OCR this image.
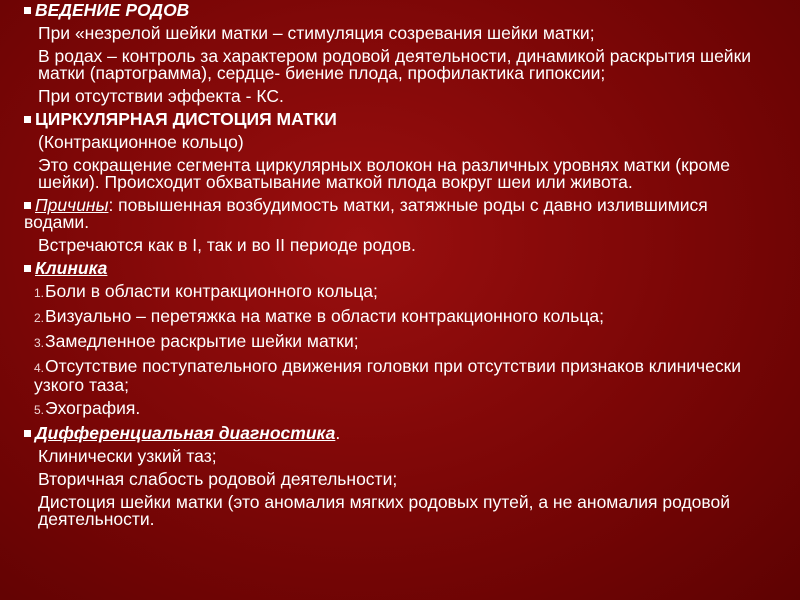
ВЕДЕНИЕ РОДОВ
При «незрелой шейки матки – стимуляция созревания шейки матки;
В родах – контроль за характером родовой деятельности, динамикой раскрытия шейки матки (партограмма), сердце- биение плода, профилактика гипоксии;
При отсутствии эффекта - КС.
ЦИРКУЛЯРНАЯ ДИСТОЦИЯ МАТКИ
(Контракционное кольцо)
Это сокращение сегмента циркулярных волокон на различных уровнях матки (кроме шейки). Происходит обхватывание маткой плода вокруг шеи или живота.
Причины: повышенная возбудимость матки, затяжные роды с давно излившимися водами.
Встречаются как в I, так и во II периоде родов.
Клиника
1.Боли в области контракционного кольца;
2.Визуально – перетяжка на матке в области контракционного кольца;
3.Замедленное раскрытие шейки матки;
4.Отсутствие поступательного движения головки при отсутствии признаков клинически узкого таза;
5.Эхография.
Дифференциальная диагностика.
Клинически узкий таз;
Вторичная слабость родовой деятельности;
Дистоция шейки матки (это аномалия мягких родовых путей, а не аномалия родовой деятельности.
